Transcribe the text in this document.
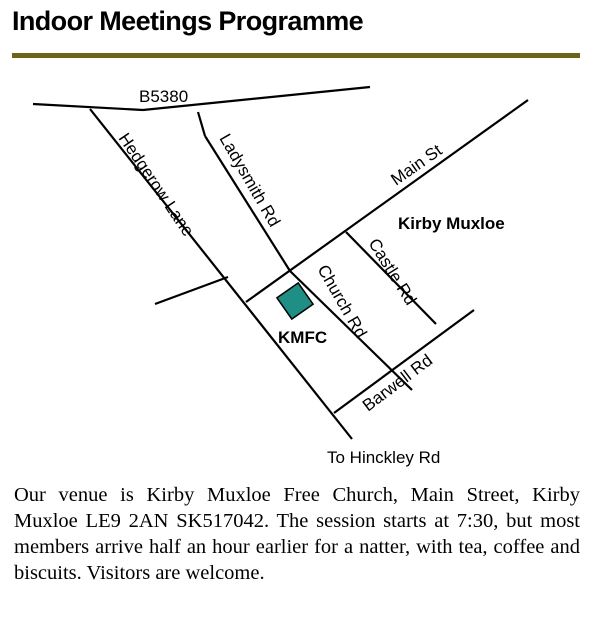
Indoor Meetings Programme
B5380
Hedgerow Lane Ladysmith Rd	Main St
Kirby Muxloe
Castle Rd
Church Rd
KMFC
Barwell Rd
To Hinckley Rd

Our venue is Kirby Muxloe Free Church, Main Street, Kirby Muxloe LE9 2AN SK517042. The session starts at 7:30, but most members arrive half an hour earlier for a natter, with tea, coffee and biscuits. Visitors are welcome.
